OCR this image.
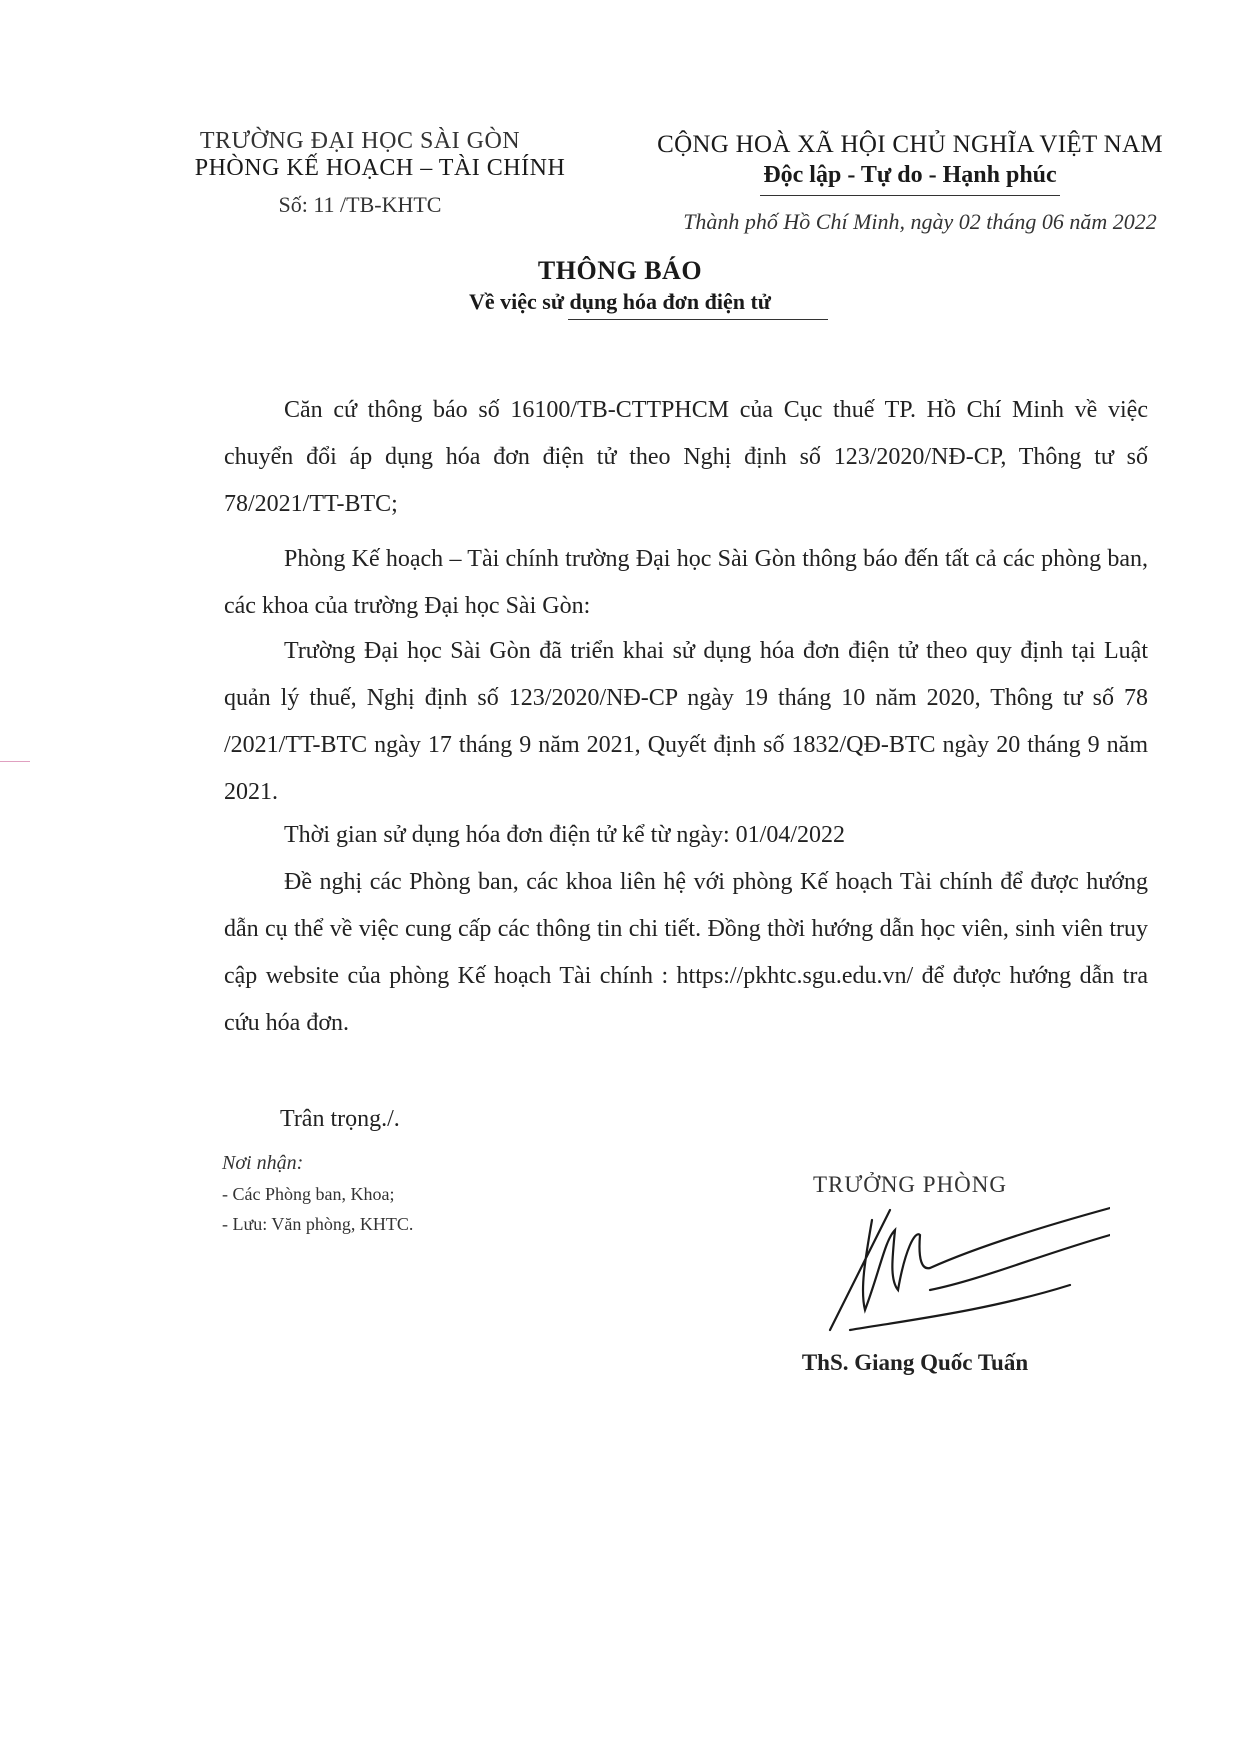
TRƯỜNG ĐẠI HỌC SÀI GÒN
PHÒNG KẾ HOẠCH – TÀI CHÍNH
Số: 11 /TB-KHTC
CỘNG HOÀ XÃ HỘI CHỦ NGHĨA VIỆT NAM
Độc lập - Tự do - Hạnh phúc
Thành phố Hồ Chí Minh, ngày 02 tháng 06 năm 2022
THÔNG BÁO
Về việc sử dụng hóa đơn điện tử

Căn cứ thông báo số 16100/TB-CTTPHCM của Cục thuế TP. Hồ Chí Minh về việc chuyển đổi áp dụng hóa đơn điện tử theo Nghị định số 123/2020/NĐ-CP, Thông tư số 78/2021/TT-BTC;

Phòng Kế hoạch – Tài chính trường Đại học Sài Gòn thông báo đến tất cả các phòng ban, các khoa của trường Đại học Sài Gòn:

Trường Đại học Sài Gòn đã triển khai sử dụng hóa đơn điện tử theo quy định tại Luật quản lý thuế, Nghị định số 123/2020/NĐ-CP ngày 19 tháng 10 năm 2020, Thông tư số 78 /2021/TT-BTC ngày 17 tháng 9 năm 2021, Quyết định số 1832/QĐ-BTC ngày 20 tháng 9 năm 2021.

Thời gian sử dụng hóa đơn điện tử kể từ ngày: 01/04/2022

Đề nghị các Phòng ban, các khoa liên hệ với phòng Kế hoạch Tài chính để được hướng dẫn cụ thể về việc cung cấp các thông tin chi tiết. Đồng thời hướng dẫn học viên, sinh viên truy cập website của phòng Kế hoạch Tài chính : https://pkhtc.sgu.edu.vn/ để được hướng dẫn tra cứu hóa đơn.

Trân trọng./.
Nơi nhận:
- Các Phòng ban, Khoa;
- Lưu: Văn phòng, KHTC.
TRƯỞNG PHÒNG
ThS. Giang Quốc Tuấn
